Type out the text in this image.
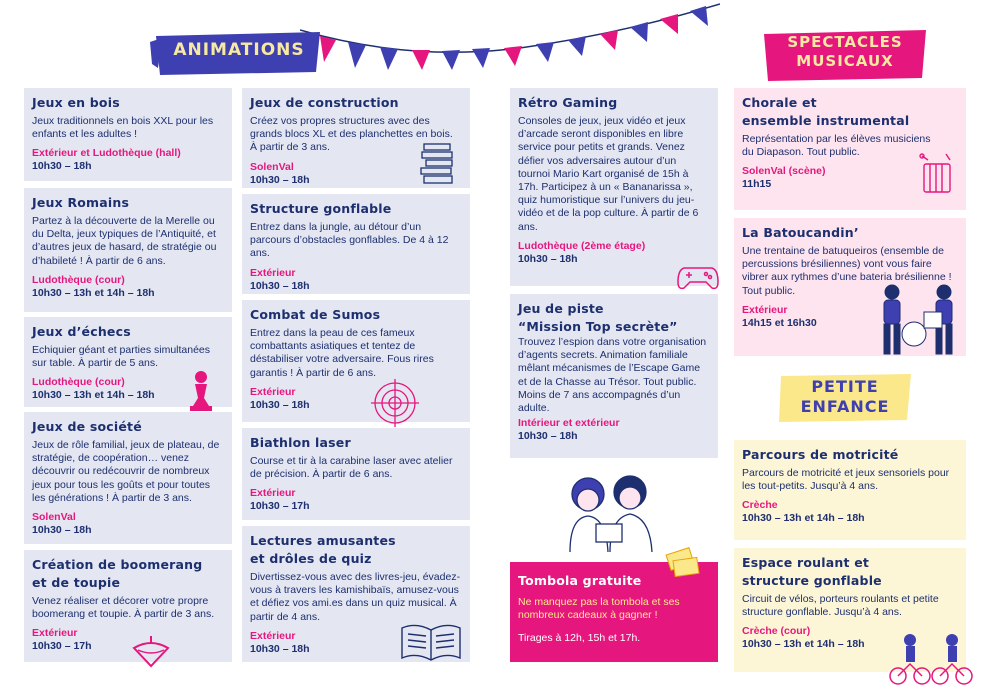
ANIMATIONS	SPECTACLES
MUSICAUX
PETITE
ENFANCE
Jeux en bois

Jeux traditionnels en bois XXL pour les enfants et les adultes !

Extérieur et Ludothèque (hall)
10h30 – 18h
Jeux Romains

Partez à la découverte de la Merelle ou du Delta, jeux typiques de l’Antiquité, et d’autres jeux de hasard, de stratégie ou d’habileté ! À partir de 6 ans.

Ludothèque (cour)
10h30 – 13h et 14h – 18h
Jeux d’échecs

Echiquier géant et parties simultanées sur table. À partir de 5 ans.

Ludothèque (cour)
10h30 – 13h et 14h – 18h
Jeux de société

Jeux de rôle familial, jeux de plateau, de stratégie, de coopération… venez découvrir ou redécouvrir de nombreux jeux pour tous les goûts et pour toutes les générations ! À partir de 3 ans.

SolenVal
10h30 – 18h
Création de boomerang
et de toupie

Venez réaliser et décorer votre propre boomerang et toupie. À partir de 3 ans.

Extérieur
10h30 – 17h
Jeux de construction

Créez vos propres structures avec des grands blocs XL et des planchettes en bois. À partir de 3 ans.

SolenVal
10h30 – 18h
Structure gonflable

Entrez dans la jungle, au détour d’un parcours d’obstacles gonflables. De 4 à 12 ans.

Extérieur
10h30 – 18h
Combat de Sumos

Entrez dans la peau de ces fameux combattants asiatiques et tentez de déstabiliser votre adversaire. Fous rires garantis ! À partir de 6 ans.

Extérieur
10h30 – 18h
Biathlon laser

Course et tir à la carabine laser avec atelier de précision. À partir de 6 ans.

Extérieur
10h30 – 17h
Lectures amusantes
et drôles de quiz

Divertissez-vous avec des livres-jeu, évadez-vous à travers les kamishibaïs, amusez-vous et défiez vos ami.es dans un quiz musical. À partir de 4 ans.

Extérieur
10h30 – 18h
Rétro Gaming

Consoles de jeux, jeux vidéo et jeux d’arcade seront disponibles en libre service pour petits et grands. Venez défier vos adversaires autour d’un tournoi Mario Kart organisé de 15h à 17h. Participez à un « Bananarissa », quiz humoristique sur l’univers du jeu-vidéo et de la pop culture. À partir de 6 ans.

Ludothèque (2ème étage)
10h30 – 18h
Jeu de piste
“Mission Top secrète”

Trouvez l’espion dans votre organisation d’agents secrets. Animation familiale mêlant mécanismes de l’Escape Game et de la Chasse au Trésor. Tout public. Moins de 7 ans accompagnés d’un adulte.

Intérieur et extérieur
10h30 – 18h
Tombola gratuite

Ne manquez pas la tombola et ses nombreux cadeaux à gagner !

Tirages à 12h, 15h et 17h.
Chorale et
ensemble instrumental

Représentation par les élèves musiciens du Diapason. Tout public.

SolenVal (scène)
11h15
La Batoucandin’

Une trentaine de batuqueiros (ensemble de percussions brésiliennes) vont vous faire vibrer aux rythmes d’une bateria brésilienne ! Tout public.

Extérieur
14h15 et 16h30
Parcours de motricité

Parcours de motricité et jeux sensoriels pour les tout-petits. Jusqu’à 4 ans.

Crèche
10h30 – 13h et 14h – 18h
Espace roulant et
structure gonflable

Circuit de vélos, porteurs roulants et petite structure gonflable. Jusqu’à 4 ans.

Crèche (cour)
10h30 – 13h et 14h – 18h
